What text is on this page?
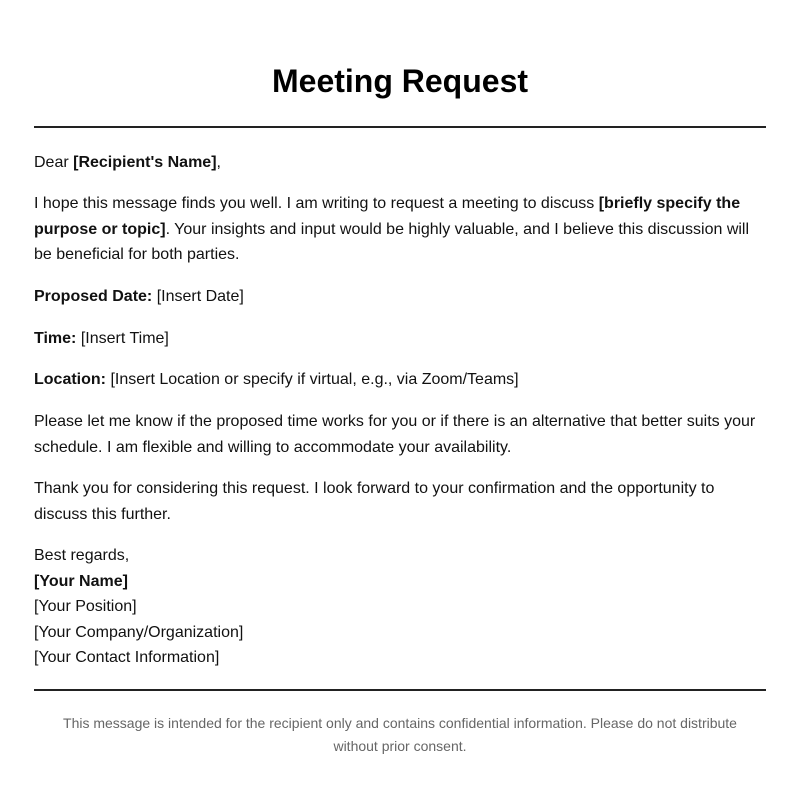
Meeting Request

Dear [Recipient's Name],

I hope this message finds you well. I am writing to request a meeting to discuss [briefly specify the purpose or topic]. Your insights and input would be highly valuable, and I believe this discussion will be beneficial for both parties.

Proposed Date: [Insert Date]

Time: [Insert Time]

Location: [Insert Location or specify if virtual, e.g., via Zoom/Teams]

Please let me know if the proposed time works for you or if there is an alternative that better suits your schedule. I am flexible and willing to accommodate your availability.

Thank you for considering this request. I look forward to your confirmation and the opportunity to discuss this further.

Best regards,
[Your Name]
[Your Position]
[Your Company/Organization]
[Your Contact Information]

This message is intended for the recipient only and contains confidential information. Please do not distribute without prior consent.
